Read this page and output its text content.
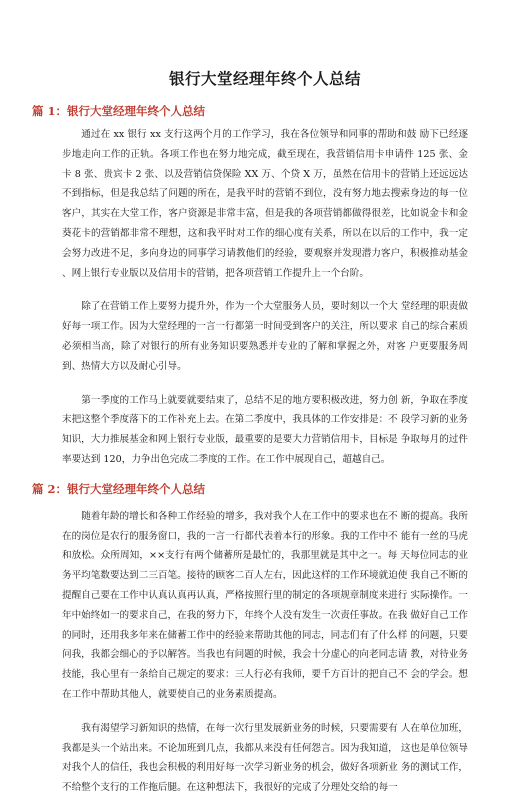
银行大堂经理年终个人总结
篇 1：银行大堂经理年终个人总结

通过在 xx 银行 xx 支行这两个月的工作学习，我在各位领导和同事的帮助和鼓 励下已经逐步地走向工作的正轨。各项工作也在努力地完成，截至现在，我营销信用卡申请件 125 张、金卡 8 张、贵宾卡 2 张、以及营销信贷保险 XX 万、个贷 X 万，虽然在信用卡的营销上还远远达 不到指标，但是我总结了问题的所在，是我平时的营销不到位，没有努力地去搜索身边的每一位 客户，其实在大堂工作，客户资源是非常丰富，但是我的各项营销都做得很差，比如说金卡和金 葵花卡的营销都非常不理想，这和我平时对工作的细心度有关系，所以在以后的工作中，我一定 会努力改进不足，多向身边的同事学习请教他们的经验，要观察并发现潜力客户，积极推动基金 、网上银行专业版以及信用卡的营销，把各项营销工作提升上一个台阶。

除了在营销工作上要努力提升外，作为一个大堂服务人员，要时刻以一个大 堂经理的职责做好每一项工作。因为大堂经理的一言一行都第一时间受到客户的关注，所以要求 自己的综合素质必须相当高，除了对银行的所有业务知识要熟悉并专业的了解和掌握之外，对客 户更要服务周到、热情大方以及耐心引导。

第一季度的工作马上就要就要结束了，总结不足的地方要积极改进，努力创 新，争取在季度末把这整个季度落下的工作补充上去。在第二季度中，我具体的工作安排是：不 段学习新的业务知识，大力推展基金和网上银行专业版，最重要的是要大力营销信用卡，目标是 争取每月的过件率要达到 120，力争出色完成二季度的工作。在工作中展现自己，超越自己。

篇 2：银行大堂经理年终个人总结

随着年龄的增长和各种工作经验的增多，我对我个人在工作中的要求也在不 断的提高。我所在的岗位是农行的服务窗口，我的一言一行都代表着本行的形象。我的工作中不 能有一丝的马虎和放松。众所周知，××支行有两个储蓄所是最忙的，我那里就是其中之一。每 天每位同志的业务平均笔数要达到二三百笔。接待的顾客二百人左右，因此这样的工作环境就迫使 我自己不断的提醒自己要在工作中认真认真再认真，严格按照行里的制定的各项规章制度来进行 实际操作。一年中始终如一的要求自己，在我的努力下，年终个人没有发生一次责任事故。在我 做好自己工作的同时，还用我多年来在储蓄工作中的经验来帮助其他的同志，同志们有了什么样 的问题，只要问我，我都会细心的予以解答。当我也有问题的时候，我会十分虚心的向老同志请 教，对待业务技能，我心里有一条给自己规定的要求：三人行必有我师，要千方百计的把自己不 会的学会。想在工作中帮助其他人，就要使自己的业务素质提高。

我有渴望学习新知识的热情，在每一次行里发展新业务的时候，只要需要有 人在单位加班，我都是头一个站出来。不论加班到几点，我都从来没有任何怨言。因为我知道， 这也是单位领导对我个人的信任，我也会积极的利用好每一次学习新业务的机会，做好各项新业 务的测试工作，不给整个支行的工作拖后腿。在这种想法下，我很好的完成了分理处交给的每一
